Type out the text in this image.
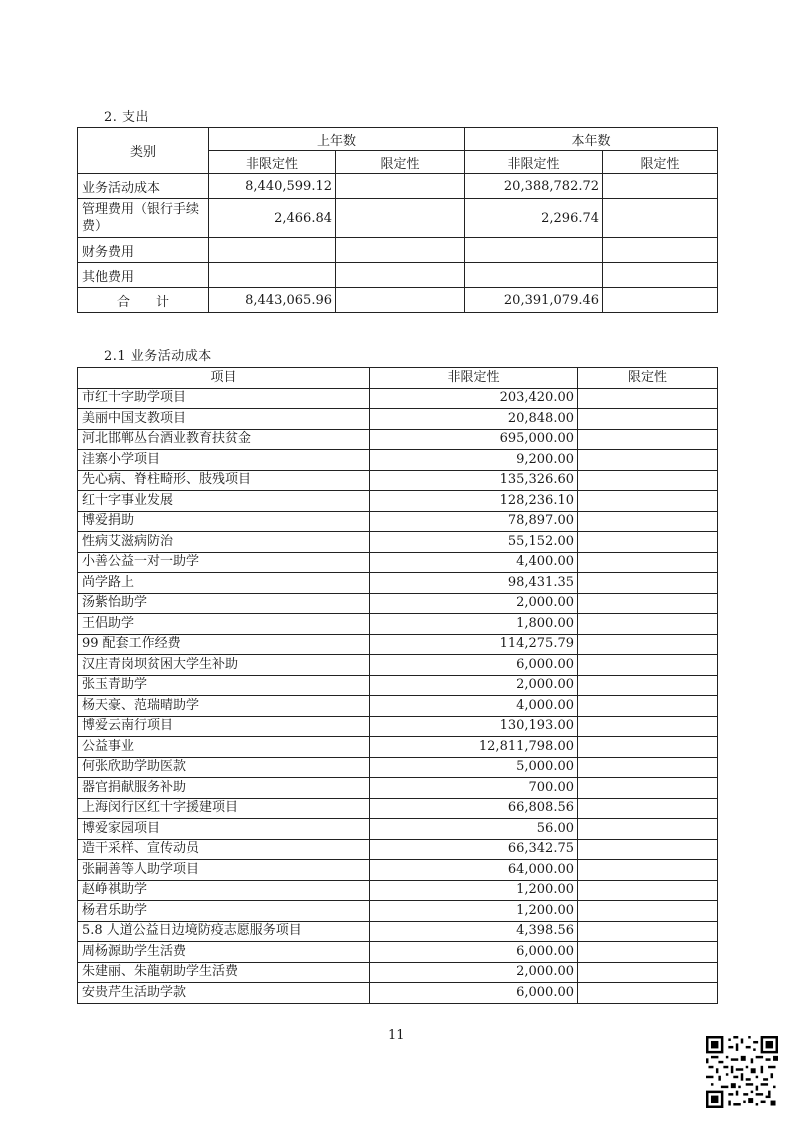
2. 支出
类别	上年数		本年数	
	非限定性	限定性	非限定性	限定性
业务活动成本	8,440,599.12		20,388,782.72	
管理费用（银行手续费）	2,466.84		2,296.74	
财务费用				
其他费用				
合　　计	8,443,065.96		20,391,079.46	
2.1 业务活动成本
项目	非限定性	限定性
市红十字助学项目	203,420.00	
美丽中国支教项目	20,848.00	
河北邯郸丛台酒业教育扶贫金	695,000.00	
洼寨小学项目	9,200.00	
先心病、脊柱畸形、肢残项目	135,326.60	
红十字事业发展	128,236.10	
博爱捐助	78,897.00	
性病艾滋病防治	55,152.00	
小善公益一对一助学	4,400.00	
尚学路上	98,431.35	
汤紫怡助学	2,000.00	
王侣助学	1,800.00	
99 配套工作经费	114,275.79	
汉庄青岗坝贫困大学生补助	6,000.00	
张玉青助学	2,000.00	
杨天豪、范瑞晴助学	4,000.00	
博爱云南行项目	130,193.00	
公益事业	12,811,798.00	
何张欣助学助医款	5,000.00	
器官捐献服务补助	700.00	
上海闵行区红十字援建项目	66,808.56	
博爱家园项目	56.00	
造干采样、宣传动员	66,342.75	
张嗣善等人助学项目	64,000.00	
赵峥祺助学	1,200.00	
杨君乐助学	1,200.00	
5.8 人道公益日边境防疫志愿服务项目	4,398.56	
周杨源助学生活费	6,000.00	
朱建丽、朱龍朝助学生活费	2,000.00	
安贵芹生活助学款	6,000.00	
11
